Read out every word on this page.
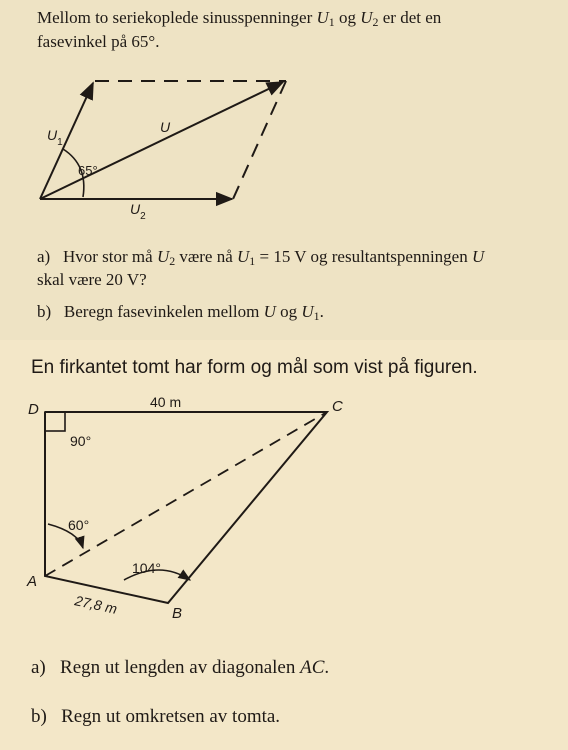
Mellom to seriekoplede sinusspenninger $U_1$ og $U_2$ er det en
fasevinkel på 65°.
$U_1$
U
$U_2$
65°
a) Hvor stor må $U_2$ være nå $U_1 = 15$ V og resultantspenningen U
skal være 20 V?
b) Beregn fasevinkelen mellom U og $U_1$.
En firkantet tomt har form og mål som vist på figuren.
D	C
A
B
40 m
27,8 m
90°
60°
104°
a) Regn ut lengden av diagonalen AC.
b) Regn ut omkretsen av tomta.
